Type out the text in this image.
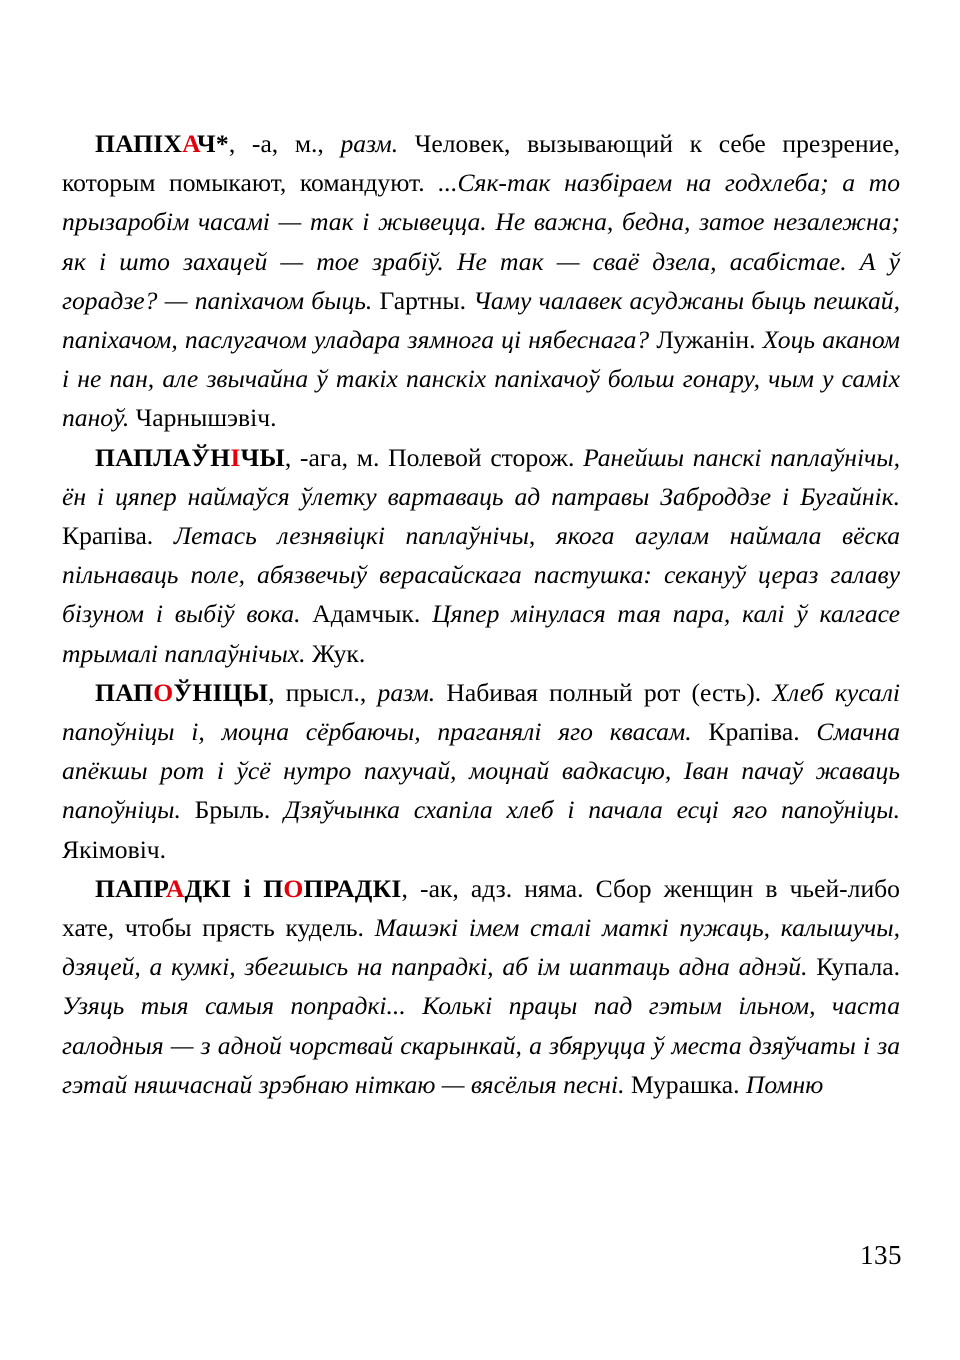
ПАПІХАЧ*, -а, м., разм. Человек, вызывающий к себе презрение, которым помыкают, командуют. ...Сяк-так назбіраем на годхлеба; а то прызаробім часамі — так і жывецца. Не важна, бедна, затое незалежна; як і што захацей — тое зрабіў. Не так — сваё дзела, асабістае. А ў горадзе? — папіхачом быць. Гартны. Чаму чалавек асуджаны быць пешкай, папіхачом, паслугачом уладара зямнога ці нябеснага? Лужанін. Хоць аканом і не пан, але звычайна ў такіх панскіх папіхачоў больш гонару, чым у саміх паноў. Чарнышэвіч.

ПАПЛАЎНІЧЫ, -ага, м. Полевой сторож. Ранейшы панскі паплаўнічы, ён і цяпер наймаўся ўлетку вартаваць ад патравы Заброддзе і Бугайнік. Крапіва. Летась лезнявіцкі паплаўнічы, якога агулам наймала вёска пільнаваць поле, абязвечыў верасайскага пастушка: секануў цераз галаву бізуном і выбіў вока. Адамчык. Цяпер мінулася тая пара, калі ў калгасе трымалі паплаўнічых. Жук.

ПАПОЎНІЦЫ, прысл., разм. Набивая полный рот (есть). Хлеб кусалі папоўніцы і, моцна сёрбаючы, праганялі яго квасам. Крапіва. Смачна апёкшы рот і ўсё нутро пахучай, моцнай вадкасцю, Іван пачаў жаваць папоўніцы. Брыль. Дзяўчынка схапіла хлеб і пачала есці яго папоўніцы. Якімовіч.

ПАПРАДКІ і ПОПРАДКІ, -ак, адз. няма. Сбор женщин в чьей-либо хате, чтобы прясть кудель. Машэкі імем сталі маткі пужаць, калышучы, дзяцей, а кумкі, збегшысь на папрадкі, аб ім шаптаць адна аднэй. Купала. Узяць тыя самыя попрадкі... Колькі працы пад гэтым ільном, часта галодныя — з адной чорствай скарынкай, а збяруцца ў места дзяўчаты і за гэтай няшчаснай зрэбнаю ніткаю — вясёлыя песні. Мурашка. Помню

135
